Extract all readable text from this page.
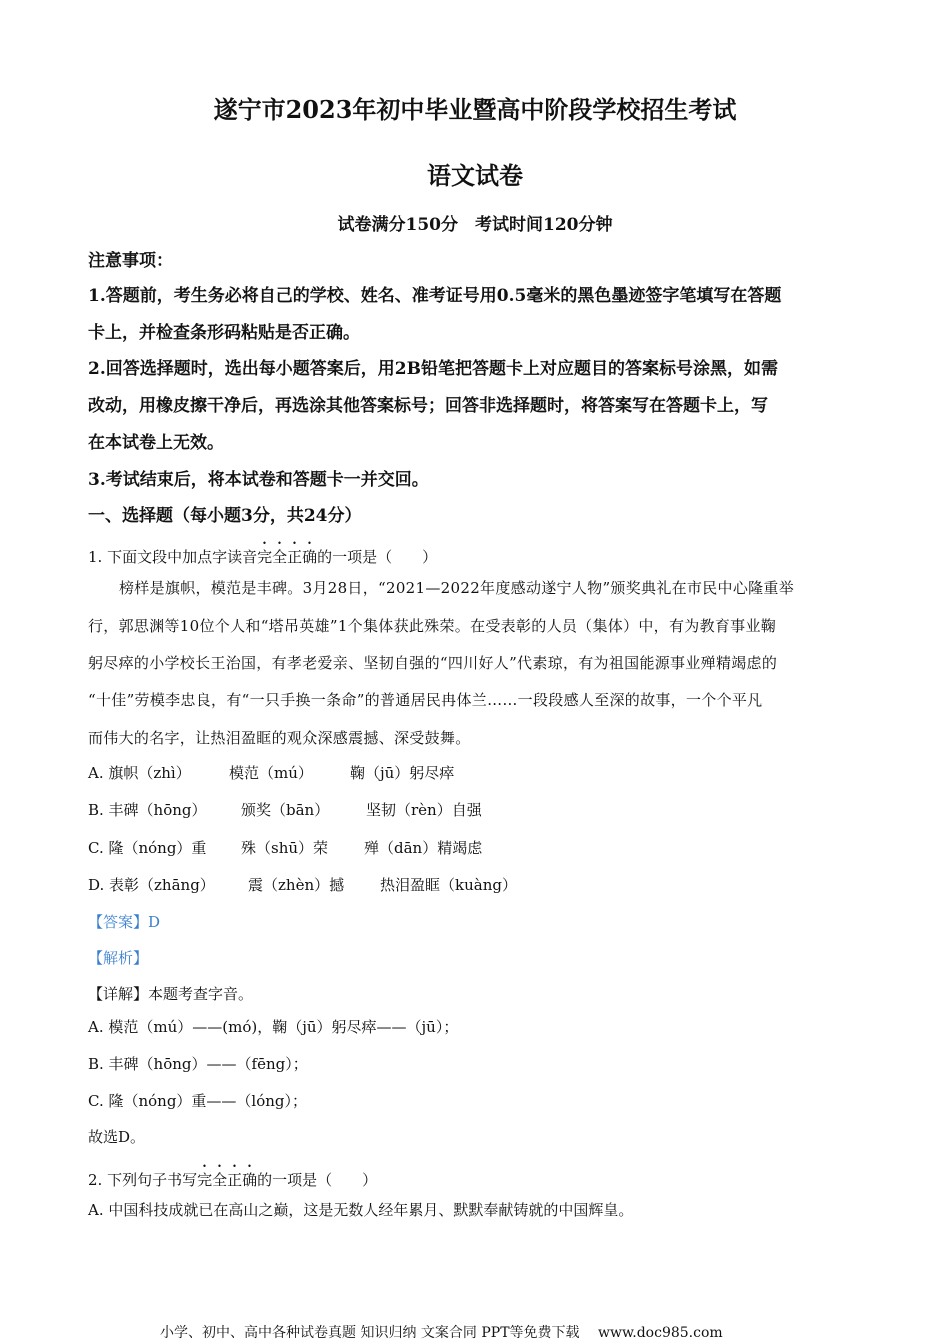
遂宁市2023年初中毕业暨高中阶段学校招生考试
语文试卷
试卷满分150分　考试时间120分钟
注意事项：
1.答题前，考生务必将自己的学校、姓名、准考证号用0.5毫米的黑色墨迹签字笔填写在答题
卡上，并检查条形码粘贴是否正确。
2.回答选择题时，选出每小题答案后，用2B铅笔把答题卡上对应题目的答案标号涂黑，如需
改动，用橡皮擦干净后，再选涂其他答案标号；回答非选择题时，将答案写在答题卡上，写
在本试卷上无效。
3.考试结束后，将本试卷和答题卡一并交回。
一、选择题（每小题3分，共24分）
1. 下面文段中加点字读音完全正确的一项是（　　）
榜样是旗帜，模范是丰碑。3月28日，“2021—2022年度感动遂宁人物”颁奖典礼在市民中心隆重举
行，郭思渊等10位个人和“塔吊英雄”1个集体获此殊荣。在受表彰的人员（集体）中，有为教育事业鞠
躬尽瘁的小学校长王治国，有孝老爱亲、坚韧自强的“四川好人”代素琼，有为祖国能源事业殚精竭虑的
“十佳”劳模李忠良，有“一只手换一条命”的普通居民冉体兰……一段段感人至深的故事，一个个平凡
而伟大的名字，让热泪盈眶的观众深感震撼、深受鼓舞。
A. 旗帜（zhì）	模范（mú） 鞠（jū）躬尽瘁
B. 丰碑（hōng） 颁奖（bān） 坚韧（rèn）自强
C. 隆（nóng）重 殊（shū）荣 殚（dān）精竭虑
D. 表彰（zhāng） 震（zhèn）撼 热泪盈眶（kuàng）
【答案】D
【解析】
【详解】本题考查字音。
A. 模范（mú）——(mó)，鞠（jū）躬尽瘁——（jū）；
B. 丰碑（hōng）——（fēng）；
C. 隆（nóng）重——（lóng）；
故选D。
2. 下列句子书写完全正确的一项是（　　）
A. 中国科技成就已在高山之巅，这是无数人经年累月、默默奉献铸就的中国辉皇。
小学、初中、高中各种试卷真题 知识归纳 文案合同 PPT等免费下载　 www.doc985.com
